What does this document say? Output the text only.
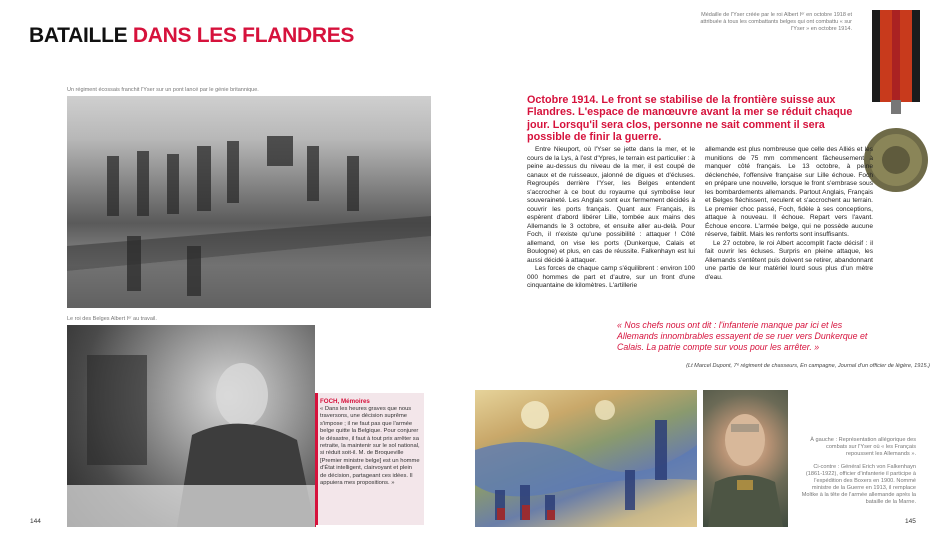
BATAILLE DANS LES FLANDRES
Médaille de l'Yser créée par le roi Albert Iᵉʳ en octobre 1918 et attribuée à tous les combattants belges qui ont combattu « sur l'Yser » en octobre 1914.
Un régiment écossais franchit l'Yser sur un pont lancé par le génie britannique.
Le roi des Belges Albert Iᵉʳ au travail.
FOCH, Mémoires
« Dans les heures graves que nous traversons, une décision suprême s'impose ; il ne faut pas que l'armée belge quitte la Belgique. Pour conjurer le désastre, il faut à tout prix arrêter sa retraite, la maintenir sur le sol national, si réduit soit-il. M. de Broqueville [Premier ministre belge] est un homme d'État intelligent, clairvoyant et plein de décision, partageant ces idées. Il appuiera mes propositions. »
Octobre 1914. Le front se stabilise de la frontière suisse aux Flandres. L'espace de manœuvre avant la mer se réduit chaque jour. Lorsqu'il sera clos, personne ne sait comment il sera possible de finir la guerre.

Entre Nieuport, où l'Yser se jette dans la mer, et le cours de la Lys, à l'est d'Ypres, le terrain est particulier : à peine au-dessus du niveau de la mer, il est coupé de canaux et de ruisseaux, jalonné de digues et d'écluses. Regroupés derrière l'Yser, les Belges entendent s'accrocher à ce bout du royaume qui symbolise leur souveraineté. Les Anglais sont eux fermement décidés à couvrir les ports français. Quant aux Français, ils espèrent d'abord libérer Lille, tombée aux mains des Allemands le 3 octobre, et ensuite aller au-delà. Pour Foch, il n'existe qu'une possibilité : attaquer ! Côté allemand, on vise les ports (Dunkerque, Calais et Boulogne) et plus, en cas de réussite. Falkenhayn est lui aussi décidé à attaquer.

Les forces de chaque camp s'équilibrent : environ 100 000 hommes de part et d'autre, sur un front d'une cinquantaine de kilomètres. L'artillerie

allemande est plus nombreuse que celle des Alliés et les munitions de 75 mm commencent fâcheusement à manquer côté français. Le 13 octobre, à peine déclenchée, l'offensive française sur Lille échoue. Foch en prépare une nouvelle, lorsque le front s'embrase sous les bombardements allemands. Partout Anglais, Français et Belges fléchissent, reculent et s'accrochent au terrain. Le premier choc passé, Foch, fidèle à ses conceptions, attaque à nouveau. Il échoue. Repart vers l'avant. Échoue encore. L'armée belge, qui ne possède aucune réserve, faiblit. Mais les renforts sont insuffisants.

Le 27 octobre, le roi Albert accomplit l'acte décisif : il fait ouvrir les écluses. Surpris en pleine attaque, les Allemands s'entêtent puis doivent se retirer, abandonnant une partie de leur matériel lourd sous plus d'un mètre d'eau.

« Nos chefs nous ont dit : l'infanterie manque par ici et les Allemands innombrables essayent de se ruer vers Dunkerque et Calais. La patrie compte sur vous pour les arrêter. »
(Lt Marcel Dupont, 7ᵉ régiment de chasseurs, En campagne, Journal d'un officier de légère, 1915.)
À gauche : Représentation allégorique des combats sur l'Yser où « les Français repoussent les Allemands ».
Ci-contre : Général Erich von Falkenhayn (1861-1922), officier d'infanterie il participe à l'expédition des Boxers en 1900. Nommé ministre de la Guerre en 1913, il remplace Moltke à la tête de l'armée allemande après la bataille de la Marne.
144	145
